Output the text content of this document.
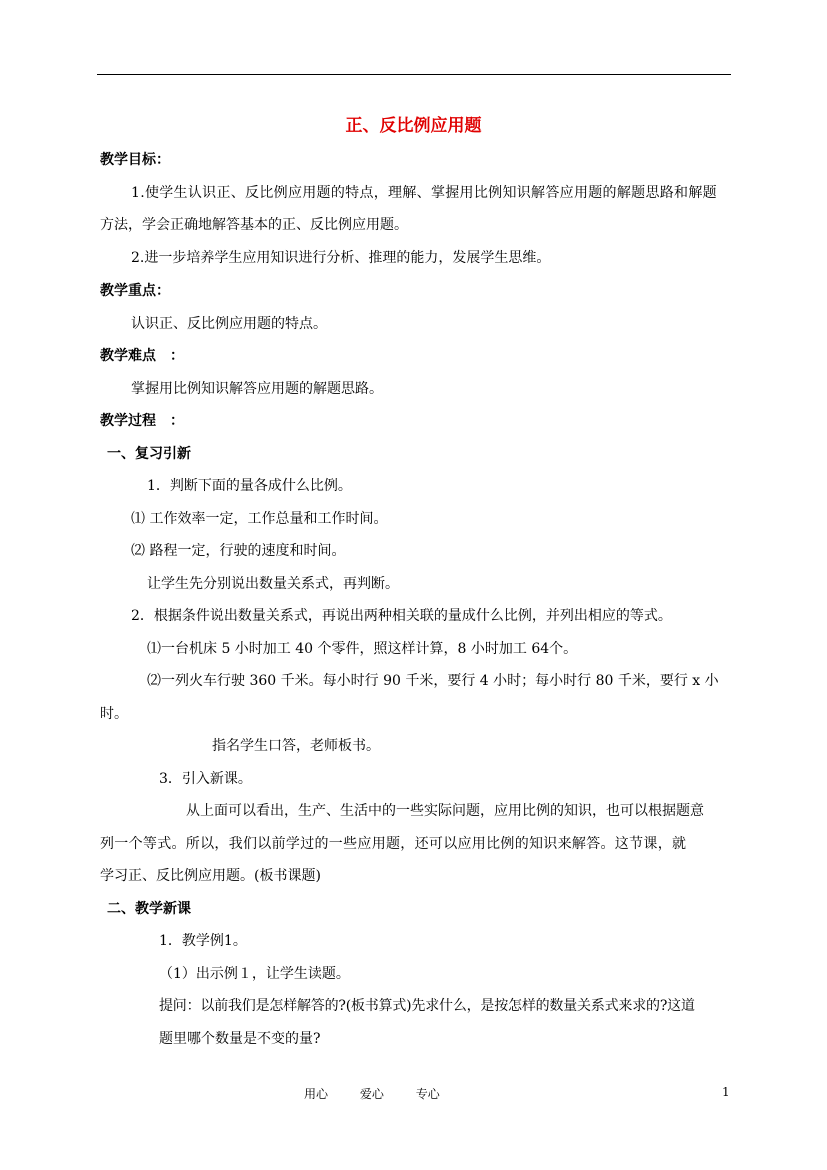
正、反比例应用题
教学目标：
1.使学生认识正、反比例应用题的特点，理解、掌握用比例知识解答应用题的解题思路和解题
方法，学会正确地解答基本的正、反比例应用题。
2.进一步培养学生应用知识进行分析、推理的能力，发展学生思维。
教学重点：
认识正、反比例应用题的特点。
教学难点　：
掌握用比例知识解答应用题的解题思路。
教学过程　：
一、复习引新
1．判断下面的量各成什么比例。
⑴ 工作效率一定，工作总量和工作时间。
⑵ 路程一定，行驶的速度和时间。
让学生先分别说出数量关系式，再判断。
2．根据条件说出数量关系式，再说出两种相关联的量成什么比例，并列出相应的等式。
⑴一台机床 5 小时加工 40 个零件，照这样计算，8 小时加工 64个。
⑵一列火车行驶 360 千米。每小时行 90 千米，要行 4 小时；每小时行 80 千米，要行 x 小
时。
指名学生口答，老师板书。
3．引入新课。
从上面可以看出，生产、生活中的一些实际问题，应用比例的知识，也可以根据题意
列一个等式。所以，我们以前学过的一些应用题，还可以应用比例的知识来解答。这节课，就
学习正、反比例应用题。(板书课题)
二、教学新课
1．教学例1。
（1）出示例１，让学生读题。
提问：以前我们是怎样解答的?(板书算式)先求什么，是按怎样的数量关系式来求的?这道
题里哪个数量是不变的量?
用心	爱心	专心	1
